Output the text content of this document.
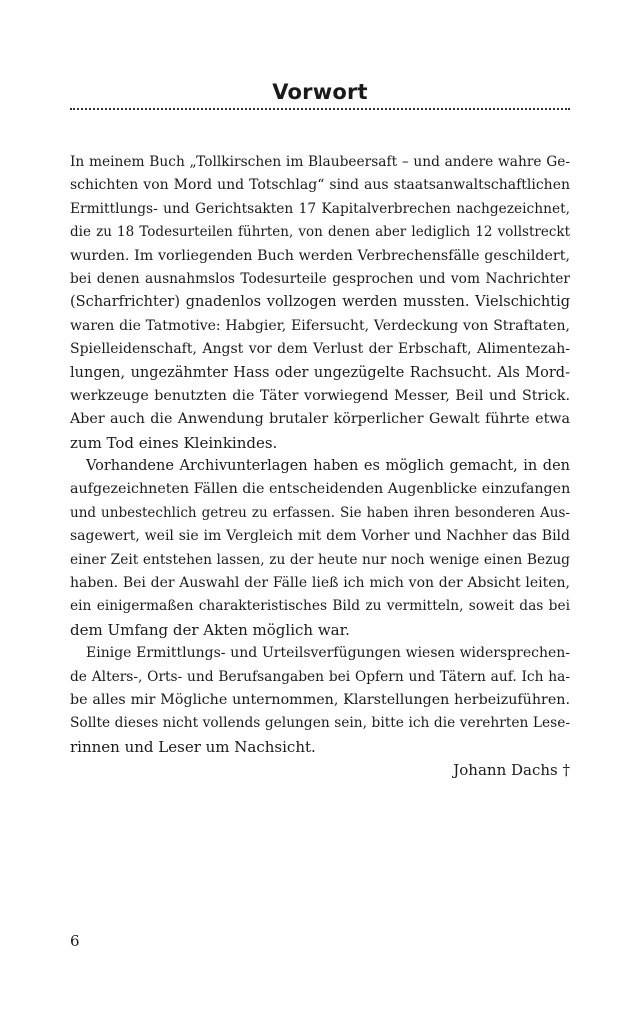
Vorwort
In meinem Buch „Tollkirschen im Blaubeersaft – und andere wahre Ge-
schichten von Mord und Totschlag“ sind aus staatsanwaltschaftlichen
Ermittlungs- und Gerichtsakten 17 Kapitalverbrechen nachgezeichnet,
die zu 18 Todesurteilen führten, von denen aber lediglich 12 vollstreckt
wurden. Im vorliegenden Buch werden Verbrechensfälle geschildert,
bei denen ausnahmslos Todesurteile gesprochen und vom Nachrichter
(Scharfrichter) gnadenlos vollzogen werden mussten. Vielschichtig
waren die Tatmotive: Habgier, Eifersucht, Verdeckung von Straftaten,
Spielleidenschaft, Angst vor dem Verlust der Erbschaft, Alimentezah-
lungen, ungezähmter Hass oder ungezügelte Rachsucht. Als Mord-
werkzeuge benutzten die Täter vorwiegend Messer, Beil und Strick.
Aber auch die Anwendung brutaler körperlicher Gewalt führte etwa
zum Tod eines Kleinkindes.
Vorhandene Archivunterlagen haben es möglich gemacht, in den
aufgezeichneten Fällen die entscheidenden Augenblicke einzufangen
und unbestechlich getreu zu erfassen. Sie haben ihren besonderen Aus-
sagewert, weil sie im Vergleich mit dem Vorher und Nachher das Bild
einer Zeit entstehen lassen, zu der heute nur noch wenige einen Bezug
haben. Bei der Auswahl der Fälle ließ ich mich von der Absicht leiten,
ein einigermaßen charakteristisches Bild zu vermitteln, soweit das bei
dem Umfang der Akten möglich war.
Einige Ermittlungs- und Urteilsverfügungen wiesen widersprechen-
de Alters-, Orts- und Berufsangaben bei Opfern und Tätern auf. Ich ha-
be alles mir Mögliche unternommen, Klarstellungen herbeizuführen.
Sollte dieses nicht vollends gelungen sein, bitte ich die verehrten Lese-
rinnen und Leser um Nachsicht.
Johann Dachs †
6
